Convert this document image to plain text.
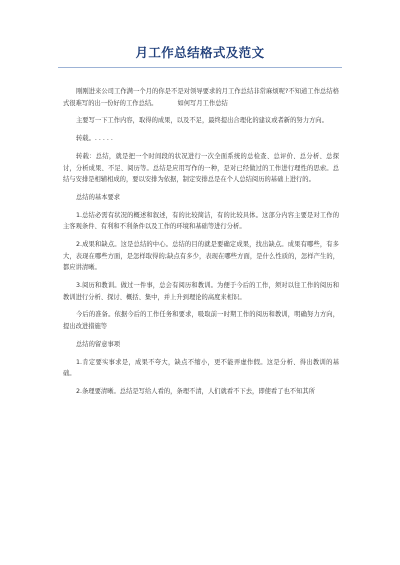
月工作总结格式及范文

刚刚进来公司工作满一个月的你是不是对领导要求的月工作总结非常麻烦呢?不知道工作总结格式很难写的出一份好的工作总结。	如何写月工作总结

主要写一下工作内容，取得的成果，以及不足，最终提出合理化的建议或者新的努力方向。

转载。. . . . .

转载：总结，就是把一个时间段的状况进行一次全面系统的总检查、总评价、总分析、总探讨，分析成果、不足、阅历等。总结是应用写作的一种，是对已经做过的工作进行理性的思索。总结与安排是相辅相成的，要以安排为依据，制定安排总是在个人总结阅历的基础上进行的。

总结的基本要求

1.总结必需有状况的概述和叙述，有的比较简洁，有的比较具体。这部分内容主要是对工作的主客观条件、有利和不利条件以及工作的环境和基础等进行分析。

2.成果和缺点。这是总结的中心。总结的目的就是要确定成果，找出缺点。成果有哪些，有多大，表现在哪些方面，是怎样取得的;缺点有多少，表现在哪些方面，是什么性质的，怎样产生的，都应讲清晰。

3.阅历和教训。做过一件事，总会有阅历和教训。为便于今后的工作，须对以往工作的阅历和教训进行分析、探讨、概括、集中，并上升到理论的高度来相识。

今后的准备。依据今后的工作任务和要求，吸取前一时期工作的阅历和教训，明确努力方向，提出改进措施等

总结的留意事项

1.肯定要实事求是，成果不夸大，缺点不缩小，更不能弄虚作假。这是分析、得出教训的基础。

2.条理要清晰。总结是写给人看的，条理不清，人们就看不下去，即使看了也不知其所
